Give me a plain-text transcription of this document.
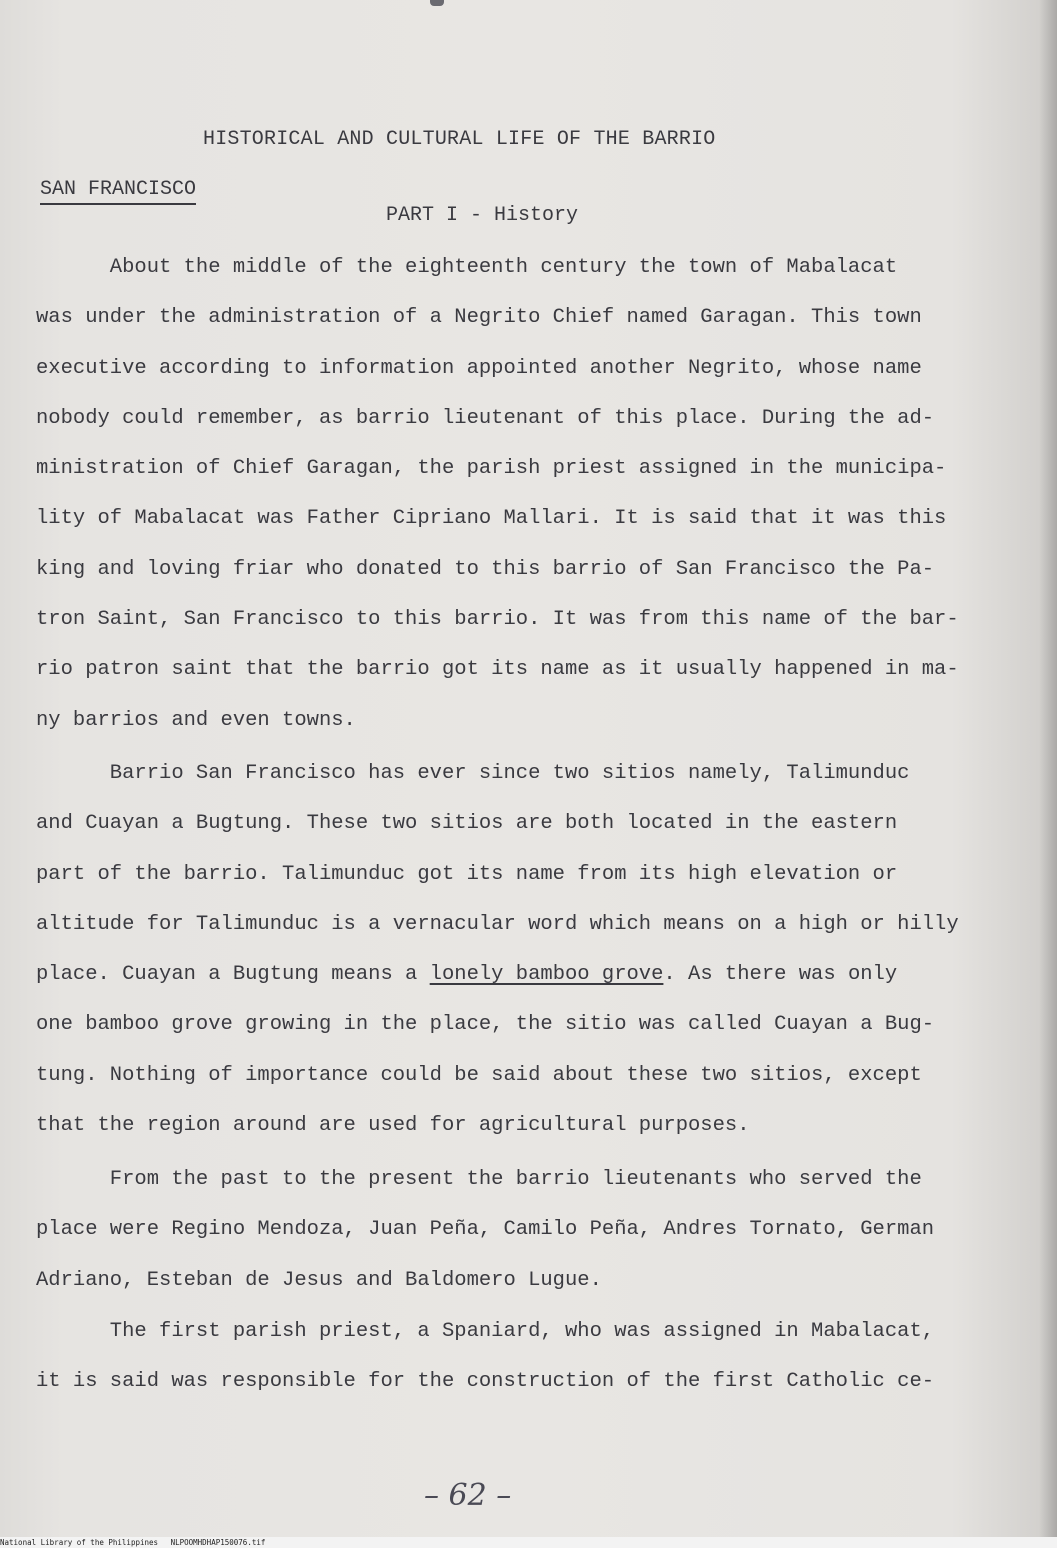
HISTORICAL AND CULTURAL LIFE OF THE BARRIO
SAN FRANCISCO
PART I - History
About the middle of the eighteenth century the town of Mabalacat
was under the administration of a Negrito Chief named Garagan. This town
executive according to information appointed another Negrito, whose name
nobody could remember, as barrio lieutenant of this place. During the ad-
ministration of Chief Garagan, the parish priest assigned in the municipa-
lity of Mabalacat was Father Cipriano Mallari. It is said that it was this
king and loving friar who donated to this barrio of San Francisco the Pa-
tron Saint, San Francisco to this barrio. It was from this name of the bar-
rio patron saint that the barrio got its name as it usually happened in ma-
ny barrios and even towns.
Barrio San Francisco has ever since two sitios namely, Talimunduc
and Cuayan a Bugtung. These two sitios are both located in the eastern
part of the barrio. Talimunduc got its name from its high elevation or
altitude for Talimunduc is a vernacular word which means on a high or hilly
place. Cuayan a Bugtung means a lonely bamboo grove. As there was only
one bamboo grove growing in the place, the sitio was called Cuayan a Bug-
tung. Nothing of importance could be said about these two sitios, except
that the region around are used for agricultural purposes.
From the past to the present the barrio lieutenants who served the
place were Regino Mendoza, Juan Peña, Camilo Peña, Andres Tornato, German
Adriano, Esteban de Jesus and Baldomero Lugue.
The first parish priest, a Spaniard, who was assigned in Mabalacat,
it is said was responsible for the construction of the first Catholic ce-
– 62 –
National Library of the Philippines NLPOOMHDHAP150076.tif
